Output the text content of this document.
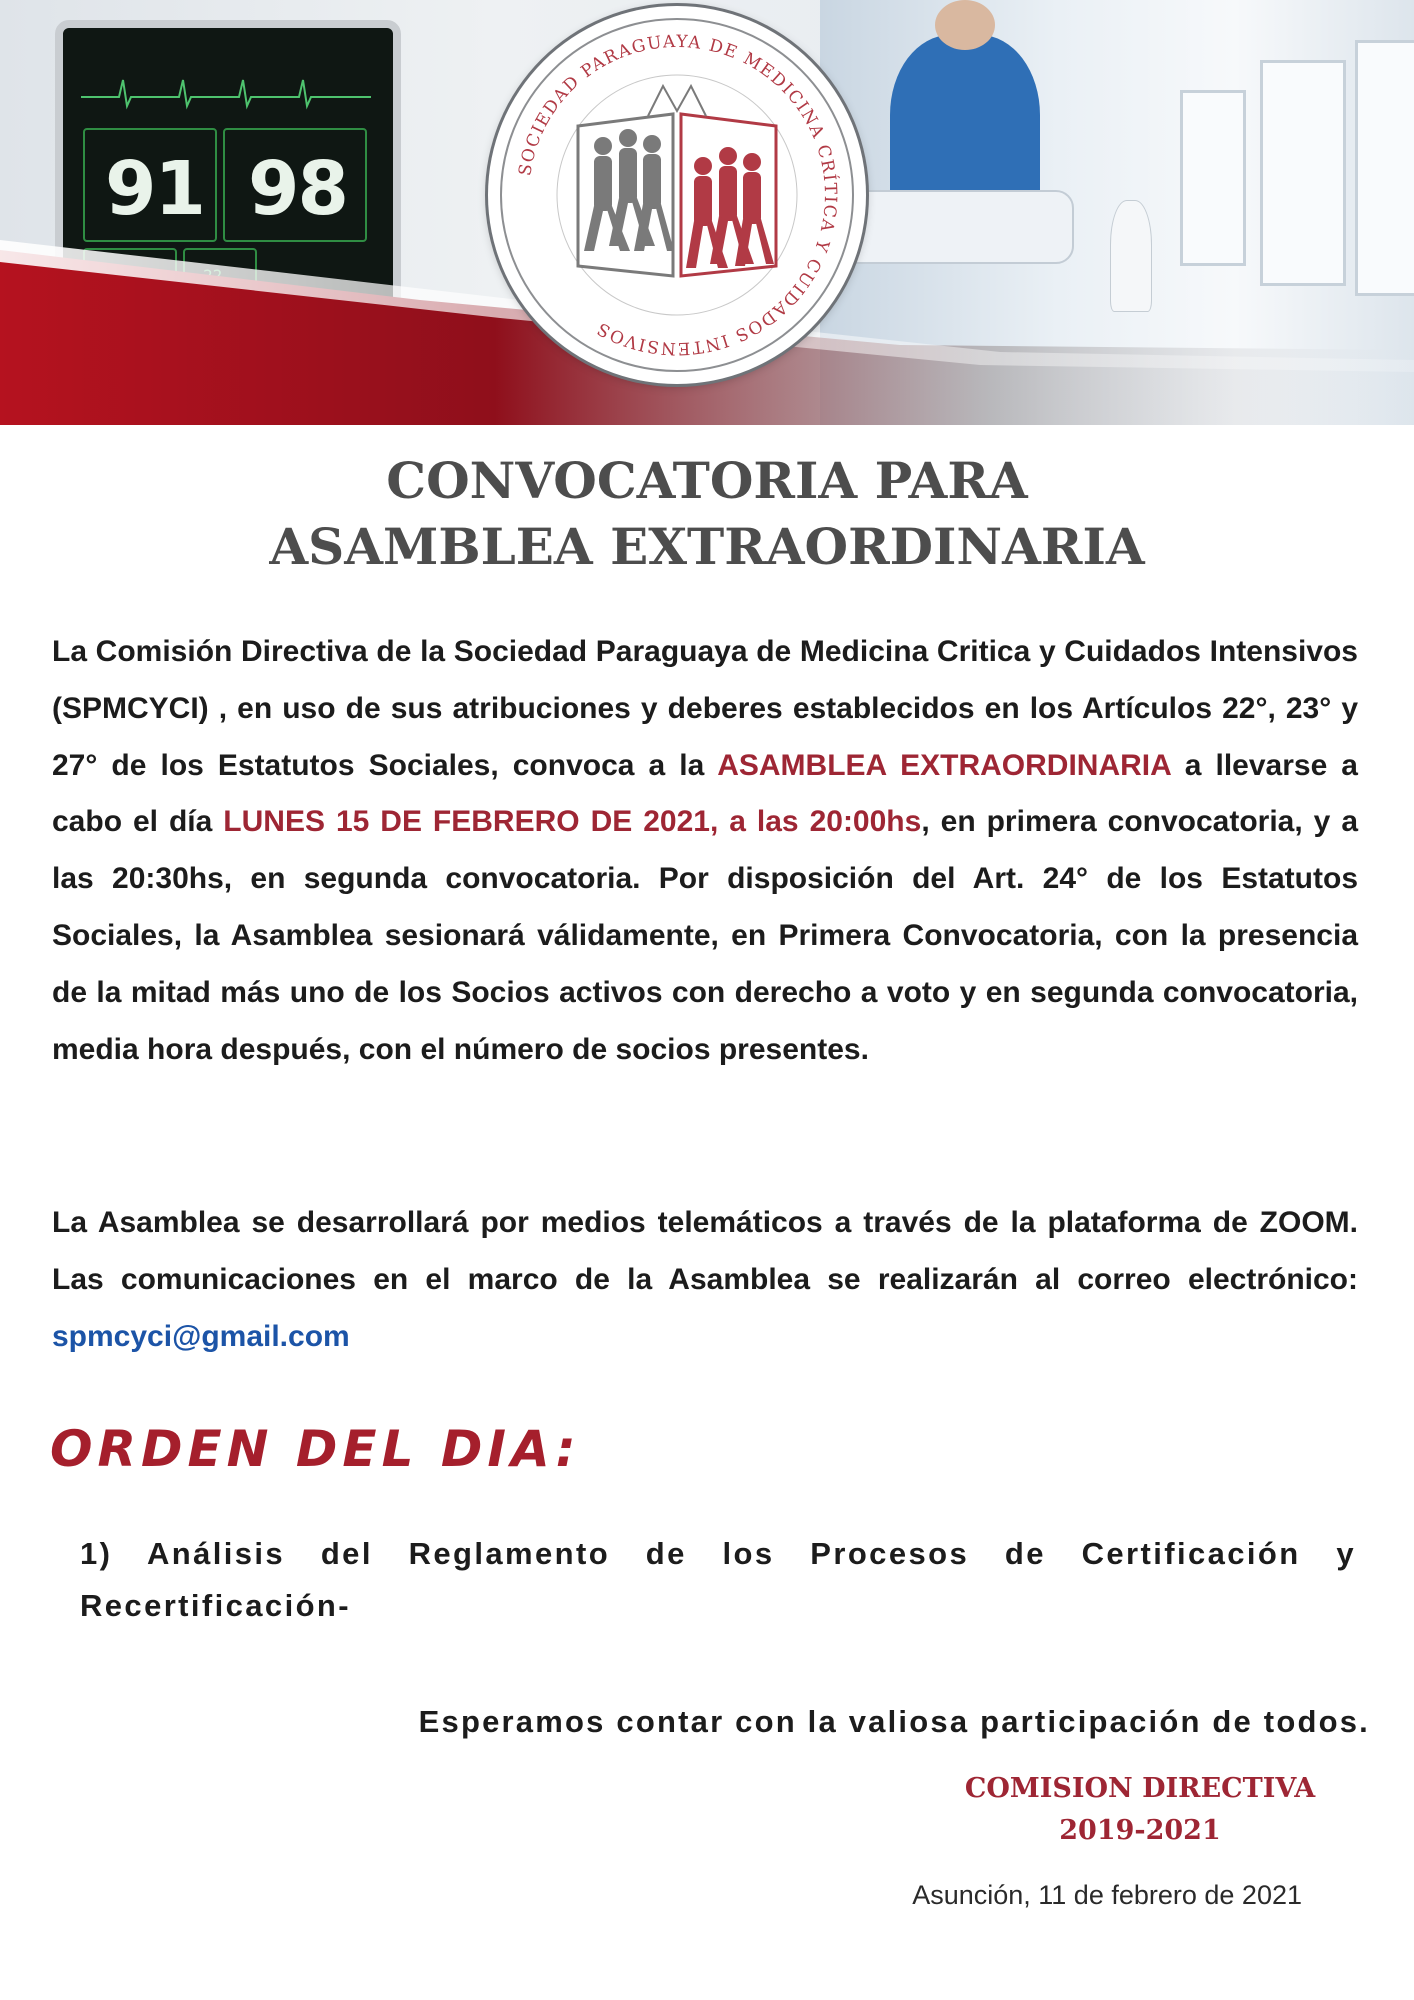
91 98	SOCIEDAD PARAGUAYA DE MEDICINA CRÍTICA Y CUIDADOS INTENSIVOS
CONVOCATORIA PARA
ASAMBLEA EXTRAORDINARIA
La Comisión Directiva de la Sociedad Paraguaya de Medicina Critica y Cuidados Intensivos (SPMCYCI) , en uso de sus atribuciones y deberes establecidos en los Artículos 22°, 23° y 27° de los Estatutos Sociales, convoca a la ASAMBLEA EXTRAORDINARIA a llevarse a cabo el día LUNES 15 DE FEBRERO DE 2021, a las 20:00hs, en primera convocatoria, y a las 20:30hs, en segunda convocatoria. Por disposición del Art. 24° de los Estatutos Sociales, la Asamblea sesionará válidamente, en Primera Convocatoria, con la presencia de la mitad más uno de los Socios activos con derecho a voto y en segunda convocatoria, media hora después, con el número de socios presentes.
La Asamblea se desarrollará por medios telemáticos a través de la plataforma de ZOOM. Las comunicaciones en el marco de la Asamblea se realizarán al correo electrónico: spmcyci@gmail.com
ORDEN DEL DIA:
1) Análisis del Reglamento de los Procesos de Certificación y Recertificación-
Esperamos contar con la valiosa participación de todos.
COMISION DIRECTIVA
2019-2021
Asunción, 11 de febrero de 2021
